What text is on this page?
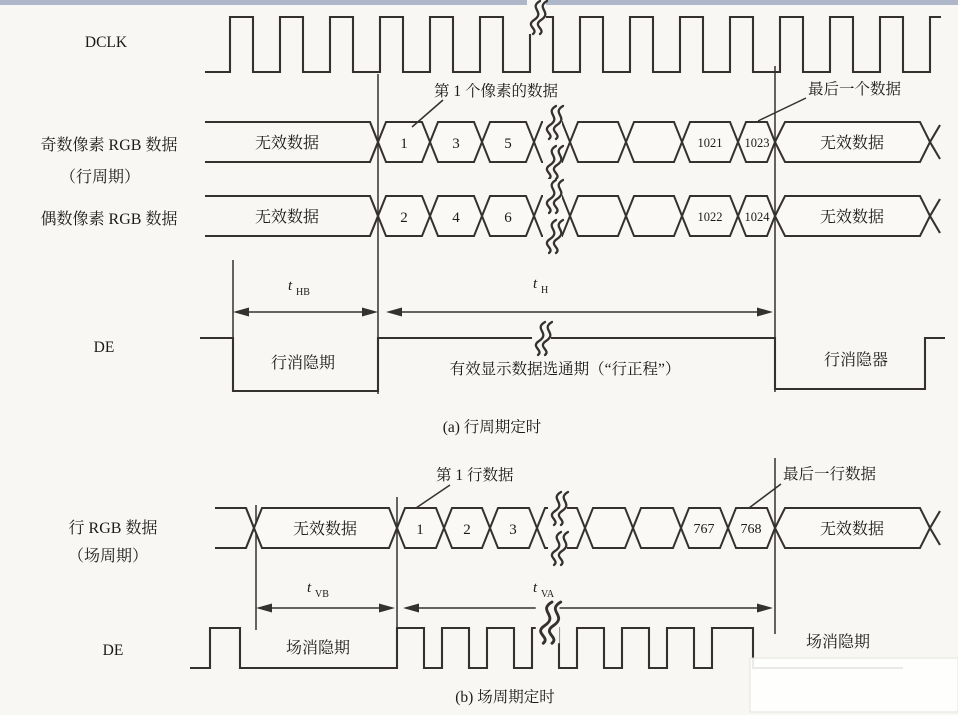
DCLK
奇数像素 RGB 数据
（行周期）
无效数据	1	3	5	1021 1023	无效数据
偶数像素 RGB 数据	无效数据	2	4	6	1022 1024	无效数据
第 1 个像素的数据	最后一个数据
t HB
t H
DE
行消隐期	有效显示数据选通期（“行正程”）
行消隐器
(a) 行周期定时
行 RGB 数据
（场周期）
无效数据	1	2	3	767 768	无效数据
第 1 行数据	最后一行数据
t VB	t VA
DE	场消隐期	场消隐期
(b) 场周期定时
